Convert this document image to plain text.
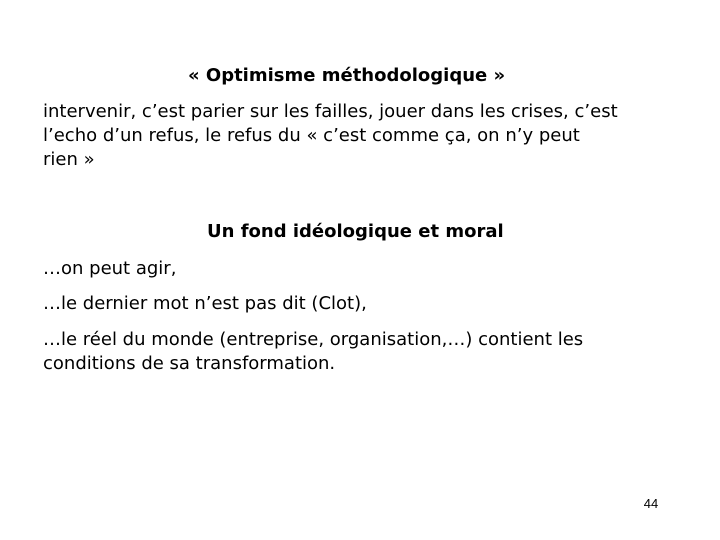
« Optimisme méthodologique »
intervenir, c’est parier sur les failles, jouer dans les crises, c’est
l’echo d’un refus, le refus du « c’est comme ça, on n’y peut
rien »
Un fond idéologique et moral
…on peut agir,
…le dernier mot n’est pas dit (Clot),
…le réel du monde (entreprise, organisation,…) contient les
conditions de sa transformation.
44
